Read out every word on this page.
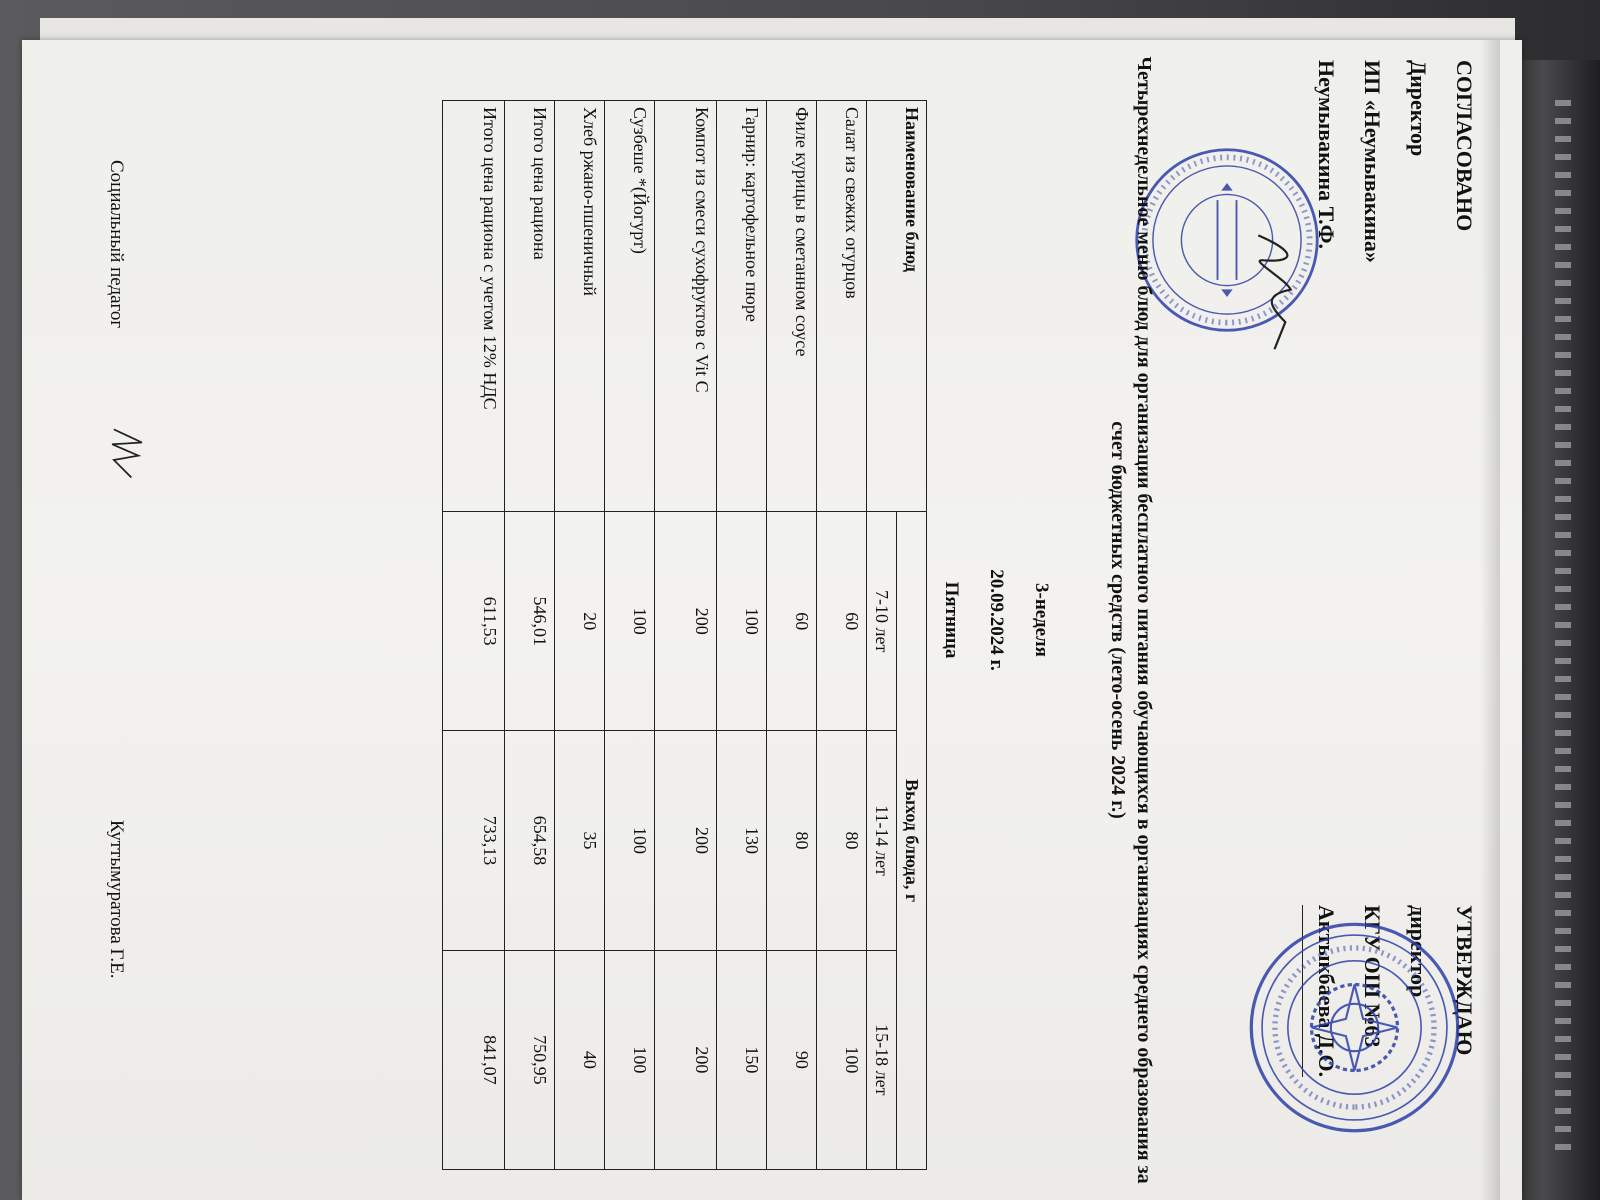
СОГЛАСОВАНО
Директор
ИП «Неумывакина»
Неумывакина Т.Ф.
УТВЕРЖДАЮ
директор
КГУ ОШ №63
Актыкбаева Д.О.
Четырехнедельное меню блюд для организации бесплатного питания обучающихся в организациях среднего образования за счет бюджетных средств (лето-осень 2024 г.)
3-неделя
20.09.2024 г.
Пятница
Наименование блюд	Выход блюда, г		
	7-10 лет	11-14 лет	15-18 лет
Салат из свежих огурцов	60	80	100
Филе курицы в сметанном соусе	60	80	90
Гарнир: картофельное пюре	100	130	150
Компот из смеси сухофруктов с Vit C	200	200	200
Сузбеше *(Йогурт)	100	100	100
Хлеб ржано-пшеничный	20	35	40
Итого цена рациона	546,01	654,58	750,95
Итого цена рациона с учетом 12% НДС	611,53	733,13	841,07
Социальный педагог
Куттымуратова Г.Е.
